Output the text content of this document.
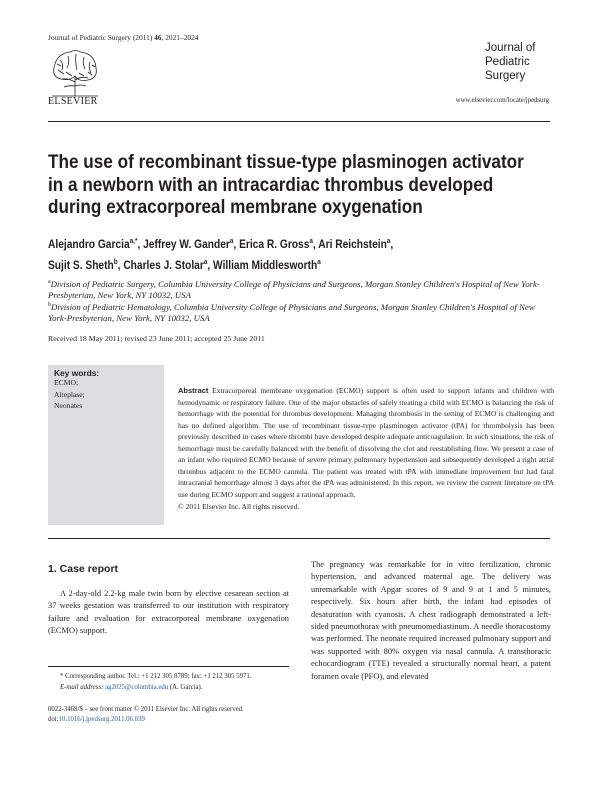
Journal of Pediatric Surgery (2011) 46, 2021–2024
ELSEVIER
Journal of
Pediatric
Surgery
www.elsevier.com/locate/jpedsurg
The use of recombinant tissue-type plasminogen activator
in a newborn with an intracardiac thrombus developed
during extracorporeal membrane oxygenation
Alejandro Garcia$^{a,*}$, Jeffrey W. Gander$^a$, Erica R. Gross$^a$, Ari Reichstein$^a$,
Sujit S. Sheth$^b$, Charles J. Stolar$^a$, William Middlesworth$^a$
$^a$Division of Pediatric Surgery, Columbia University College of Physicians and Surgeons, Morgan Stanley Children's Hospital of New York-Presbyterian, New York, NY 10032, USA
$^b$Division of Pediatric Hematology, Columbia University College of Physicians and Surgeons, Morgan Stanley Children's Hospital of New York-Presbyterian, New York, NY 10032, USA
Received 18 May 2011; revised 23 June 2011; accepted 25 June 2011
Key words:
ECMO;
Alteplase;
Neonates
Abstract Extracorporeal membrane oxygenation (ECMO) support is often used to support infants and children with hemodynamic or respiratory failure. One of the major obstacles of safely treating a child with ECMO is balancing the risk of hemorrhage with the potential for thrombus development. Managing thrombosis in the setting of ECMO is challenging and has no defined algorithm. The use of recombinant tissue-type plasminogen activator (tPA) for thrombolysis has been previously described in cases where thrombi have developed despite adequate anticoagulation. In such situations, the risk of hemorrhage must be carefully balanced with the benefit of dissolving the clot and reestablishing flow. We present a case of an infant who required ECMO because of severe primary pulmonary hypertension and subsequently developed a right atrial thrombus adjacent to the ECMO cannula. The patient was treated with tPA with immediate improvement but had fatal intracranial hemorrhage almost 3 days after the tPA was administered. In this report, we review the current literature on tPA use during ECMO support and suggest a rational approach.
© 2011 Elsevier Inc. All rights reserved.
1. Case report
A 2-day-old 2.2-kg male twin born by elective cesarean section at 37 weeks gestation was transferred to our institution with respiratory failure and evaluation for extracorporeal membrane oxygenation (ECMO) support.
The pregnancy was remarkable for in vitro fertilization, chronic hypertension, and advanced maternal age. The delivery was unremarkable with Apgar scores of 9 and 9 at 1 and 5 minutes, respectively. Six hours after birth, the infant had episodes of desaturation with cyanosis. A chest radiograph demonstrated a left-sided pneumothorax with pneumomediastinum. A needle thoracostomy was performed. The neonate required increased pulmonary support and was supported with 80% oxygen via nasal cannula. A transthoracic echocardiogram (TTE) revealed a structurally normal heart, a patent foramen ovale (PFO), and elevated
* Corresponding author. Tel.: +1 212 305 8789; fax: +1 212 305 5971.
E-mail address: ag2025@columbia.edu (A. Garcia).
0022-3468/$ – see front matter © 2011 Elsevier Inc. All rights reserved.
doi:10.1016/j.jpedsurg.2011.06.039
